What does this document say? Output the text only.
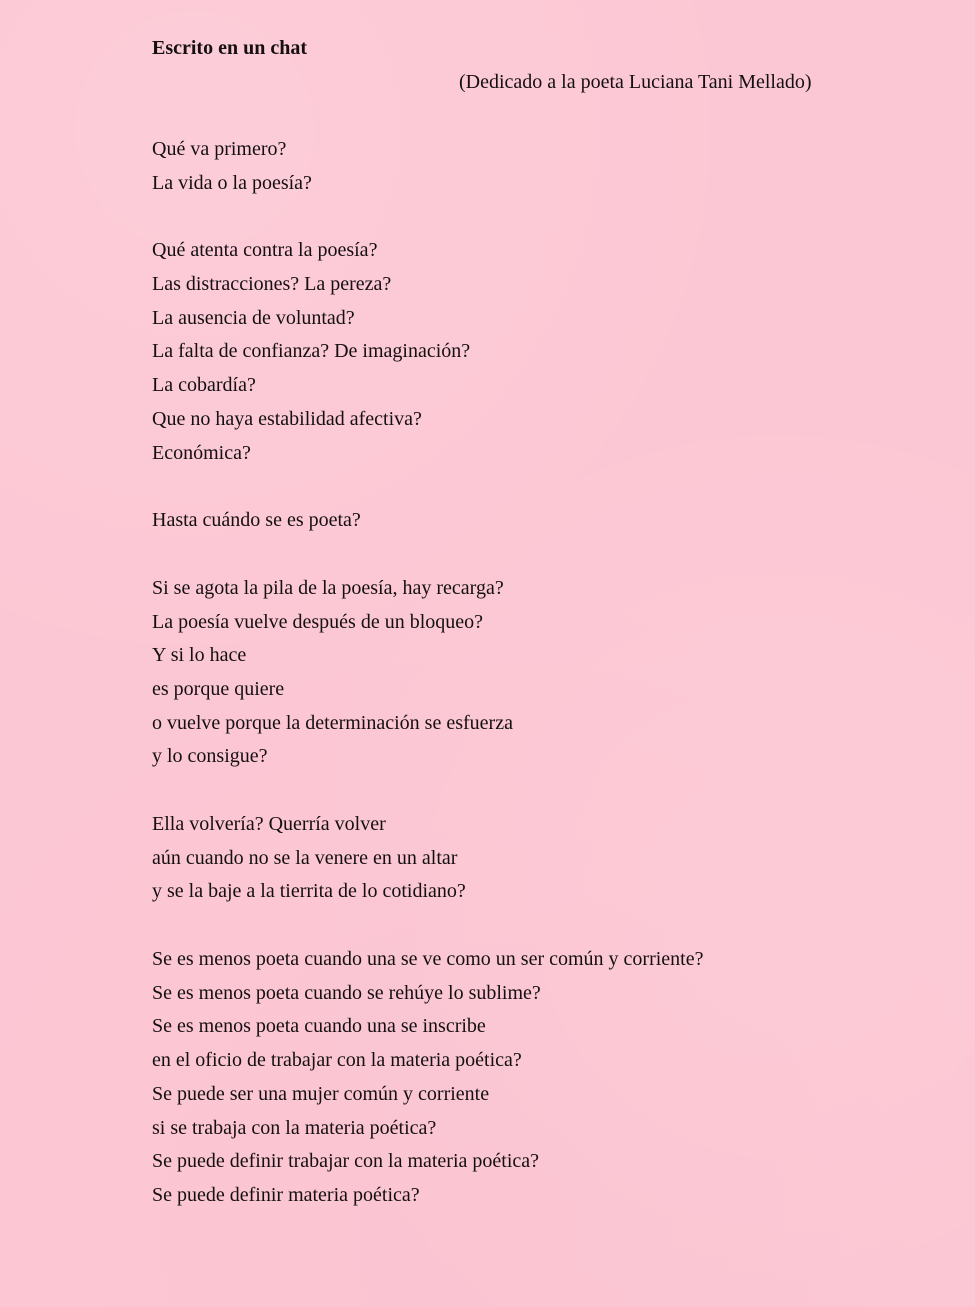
Escrito en un chat
(Dedicado a la poeta Luciana Tani Mellado)
Qué va primero?
La vida o la poesía?
Qué atenta contra la poesía?
Las distracciones? La pereza?
La ausencia de voluntad?
La falta de confianza? De imaginación?
La cobardía?
Que no haya estabilidad afectiva?
Económica?
Hasta cuándo se es poeta?
Si se agota la pila de la poesía, hay recarga?
La poesía vuelve después de un bloqueo?
Y si lo hace
es porque quiere
o vuelve porque la determinación se esfuerza
y lo consigue?
Ella volvería? Querría volver
aún cuando no se la venere en un altar
y se la baje a la tierrita de lo cotidiano?
Se es menos poeta cuando una se ve como un ser común y corriente?
Se es menos poeta cuando se rehúye lo sublime?
Se es menos poeta cuando una se inscribe
en el oficio de trabajar con la materia poética?
Se puede ser una mujer común y corriente
si se trabaja con la materia poética?
Se puede definir trabajar con la materia poética?
Se puede definir materia poética?
